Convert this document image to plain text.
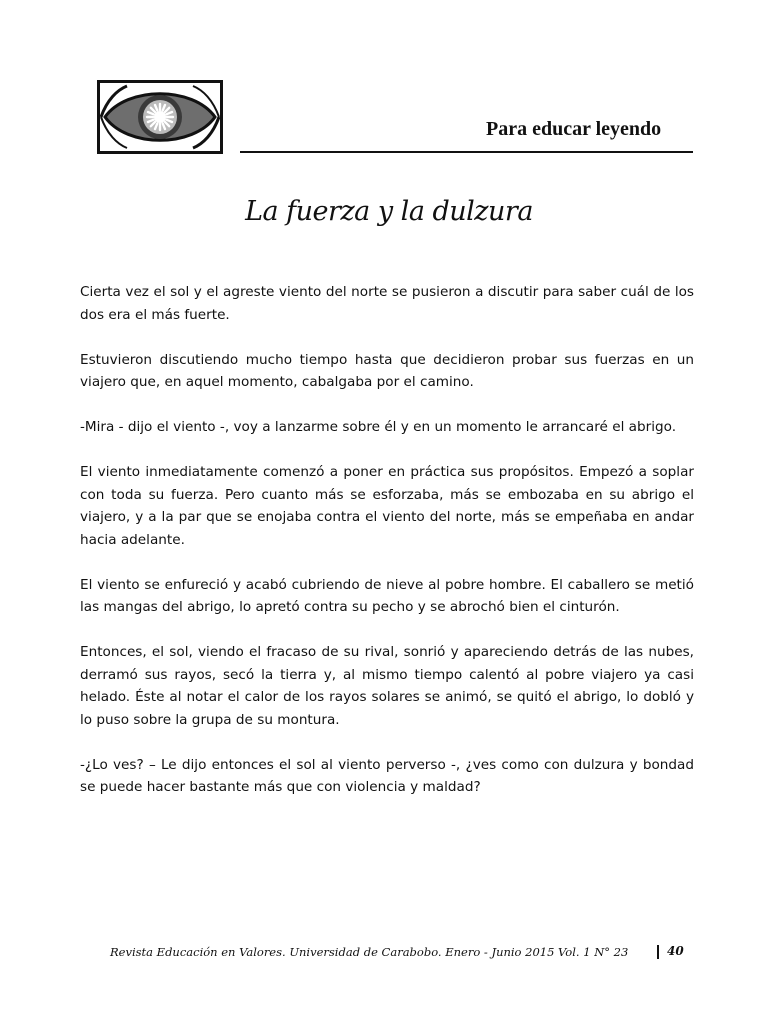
Para educar leyendo
La fuerza y la dulzura

Cierta vez el sol y el agreste viento del norte se pusieron a discutir para saber cuál de los dos era el más fuerte.

Estuvieron discutiendo mucho tiempo hasta que decidieron probar sus fuerzas en un viajero que, en aquel momento, cabalgaba por el camino.

-Mira - dijo el viento -, voy a lanzarme sobre él y en un momento le arrancaré el abrigo.

El viento inmediatamente comenzó a poner en práctica sus propósitos. Empezó a soplar con toda su fuerza. Pero cuanto más se esforzaba, más se embozaba en su abrigo el viajero, y a la par que se enojaba contra el viento del norte, más se empeñaba en andar hacia adelante.

El viento se enfureció y acabó cubriendo de nieve al pobre hombre. El caballero se metió las mangas del abrigo, lo apretó contra su pecho y se abrochó bien el cinturón.

Entonces, el sol, viendo el fracaso de su rival, sonrió y apareciendo detrás de las nubes, derramó sus rayos, secó la tierra y, al mismo tiempo calentó al pobre viajero ya casi helado. Éste al notar el calor de los rayos solares se animó, se quitó el abrigo, lo dobló y lo puso sobre la grupa de su montura.

-¿Lo ves? – Le dijo entonces el sol al viento perverso -, ¿ves como con dulzura y bondad se puede hacer bastante más que con violencia y maldad?

Revista Educación en Valores. Universidad de Carabobo. Enero - Junio 2015 Vol. 1 N° 23	40
